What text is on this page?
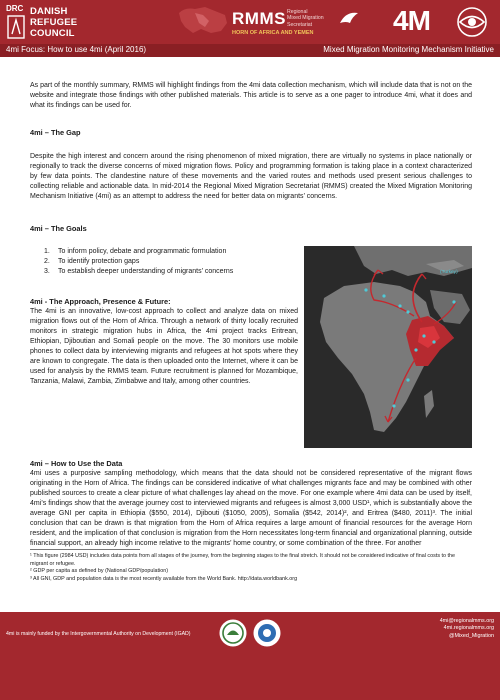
DRC DANISH
REFUGEE
COUNCIL
RMMS Regional
Mixed Migration
Secretariat
HORN OF AFRICA AND YEMEN	4M
4mi Focus: How to use 4mi (April 2016)	Mixed Migration Monitoring Mechanism Initiative

As part of the monthly summary, RMMS will highlight findings from the 4mi data collection mechanism, which will include data that is not on the website and integrate those findings with other published materials. This article is to serve as a one pager to introduce 4mi, what it does and what its findings can be used for.

4mi – The Gap

Despite the high interest and concern around the rising phenomenon of mixed migration, there are virtually no systems in place nationally or regionally to track the diverse concerns of mixed migration flows. Policy and programming formation is taking place in a context characterized by few data points. The clandestine nature of these movements and the varied routes and methods used present serious challenges to collecting reliable and actionable data. In mid-2014 the Regional Mixed Migration Secretariat (RMMS) created the Mixed Migration Monitoring Mechanism Initiative (4mi) as an attempt to address the need for better data on migrants’ concerns.

4mi – The Goals
1. To inform policy, debate and programmatic formulation
2. To identify protection gaps
3. To establish deeper understanding of migrants’ concerns
4mi - The Approach, Presence & Future:

The 4mi is an innovative, low-cost approach to collect and analyze data on mixed migration flows out of the Horn of Africa. Through a network of thirty locally recruited monitors in strategic migration hubs in Africa, the 4mi project tracks Eritrean, Ethiopian, Djiboutian and Somali people on the move. The 30 monitors use mobile phones to collect data by interviewing migrants and refugees at hot spots where they are known to congregate. The data is then uploaded onto the Internet, where it can be used for analysis by the RMMS team. Future recruitment is planned for Mozambique, Tanzania, Malawi, Zambia, Zimbabwe and Italy, among other countries.

(Turkey)
4mi – How to Use the Data

4mi uses a purposive sampling methodology, which means that the data should not be considered representative of the migrant flows originating in the Horn of Africa. The findings can be considered indicative of what challenges migrants face and may be combined with other published sources to create a clear picture of what challenges lay ahead on the move. For one example where 4mi data can be used by itself, 4mi’s findings show that the average journey cost to interviewed migrants and refugees is almost 3,000 USD¹, which is substantially above the average GNI per capita in Ethiopia ($550, 2014), Djibouti ($1050, 2005), Somalia ($542, 2014)², and Eritrea ($480, 2011)³. The initial conclusion that can be drawn is that migration from the Horn of Africa requires a large amount of financial resources for the average Horn resident, and the implication of that conclusion is migration from the Horn necessitates long-term financial and organizational planning, outside financial support, an already high income relative to the migrants’ home country, or some combination of the three. For another

¹ This figure (2984 USD) includes data points from all stages of the journey, from the beginning stages to the final stretch. It should not be considered indicative of final costs to the migrant or refugee.
² GDP per capita as defined by (National GDP/population)
³ All GNI, GDP and population data is the most recently available from the World Bank. http://data.worldbank.org
4mi is mainly funded by the Intergovernmental Authority on Development (IGAD)
4mi@regionalmms.org
4mi.regionalmms.org
@Mixed_Migration
